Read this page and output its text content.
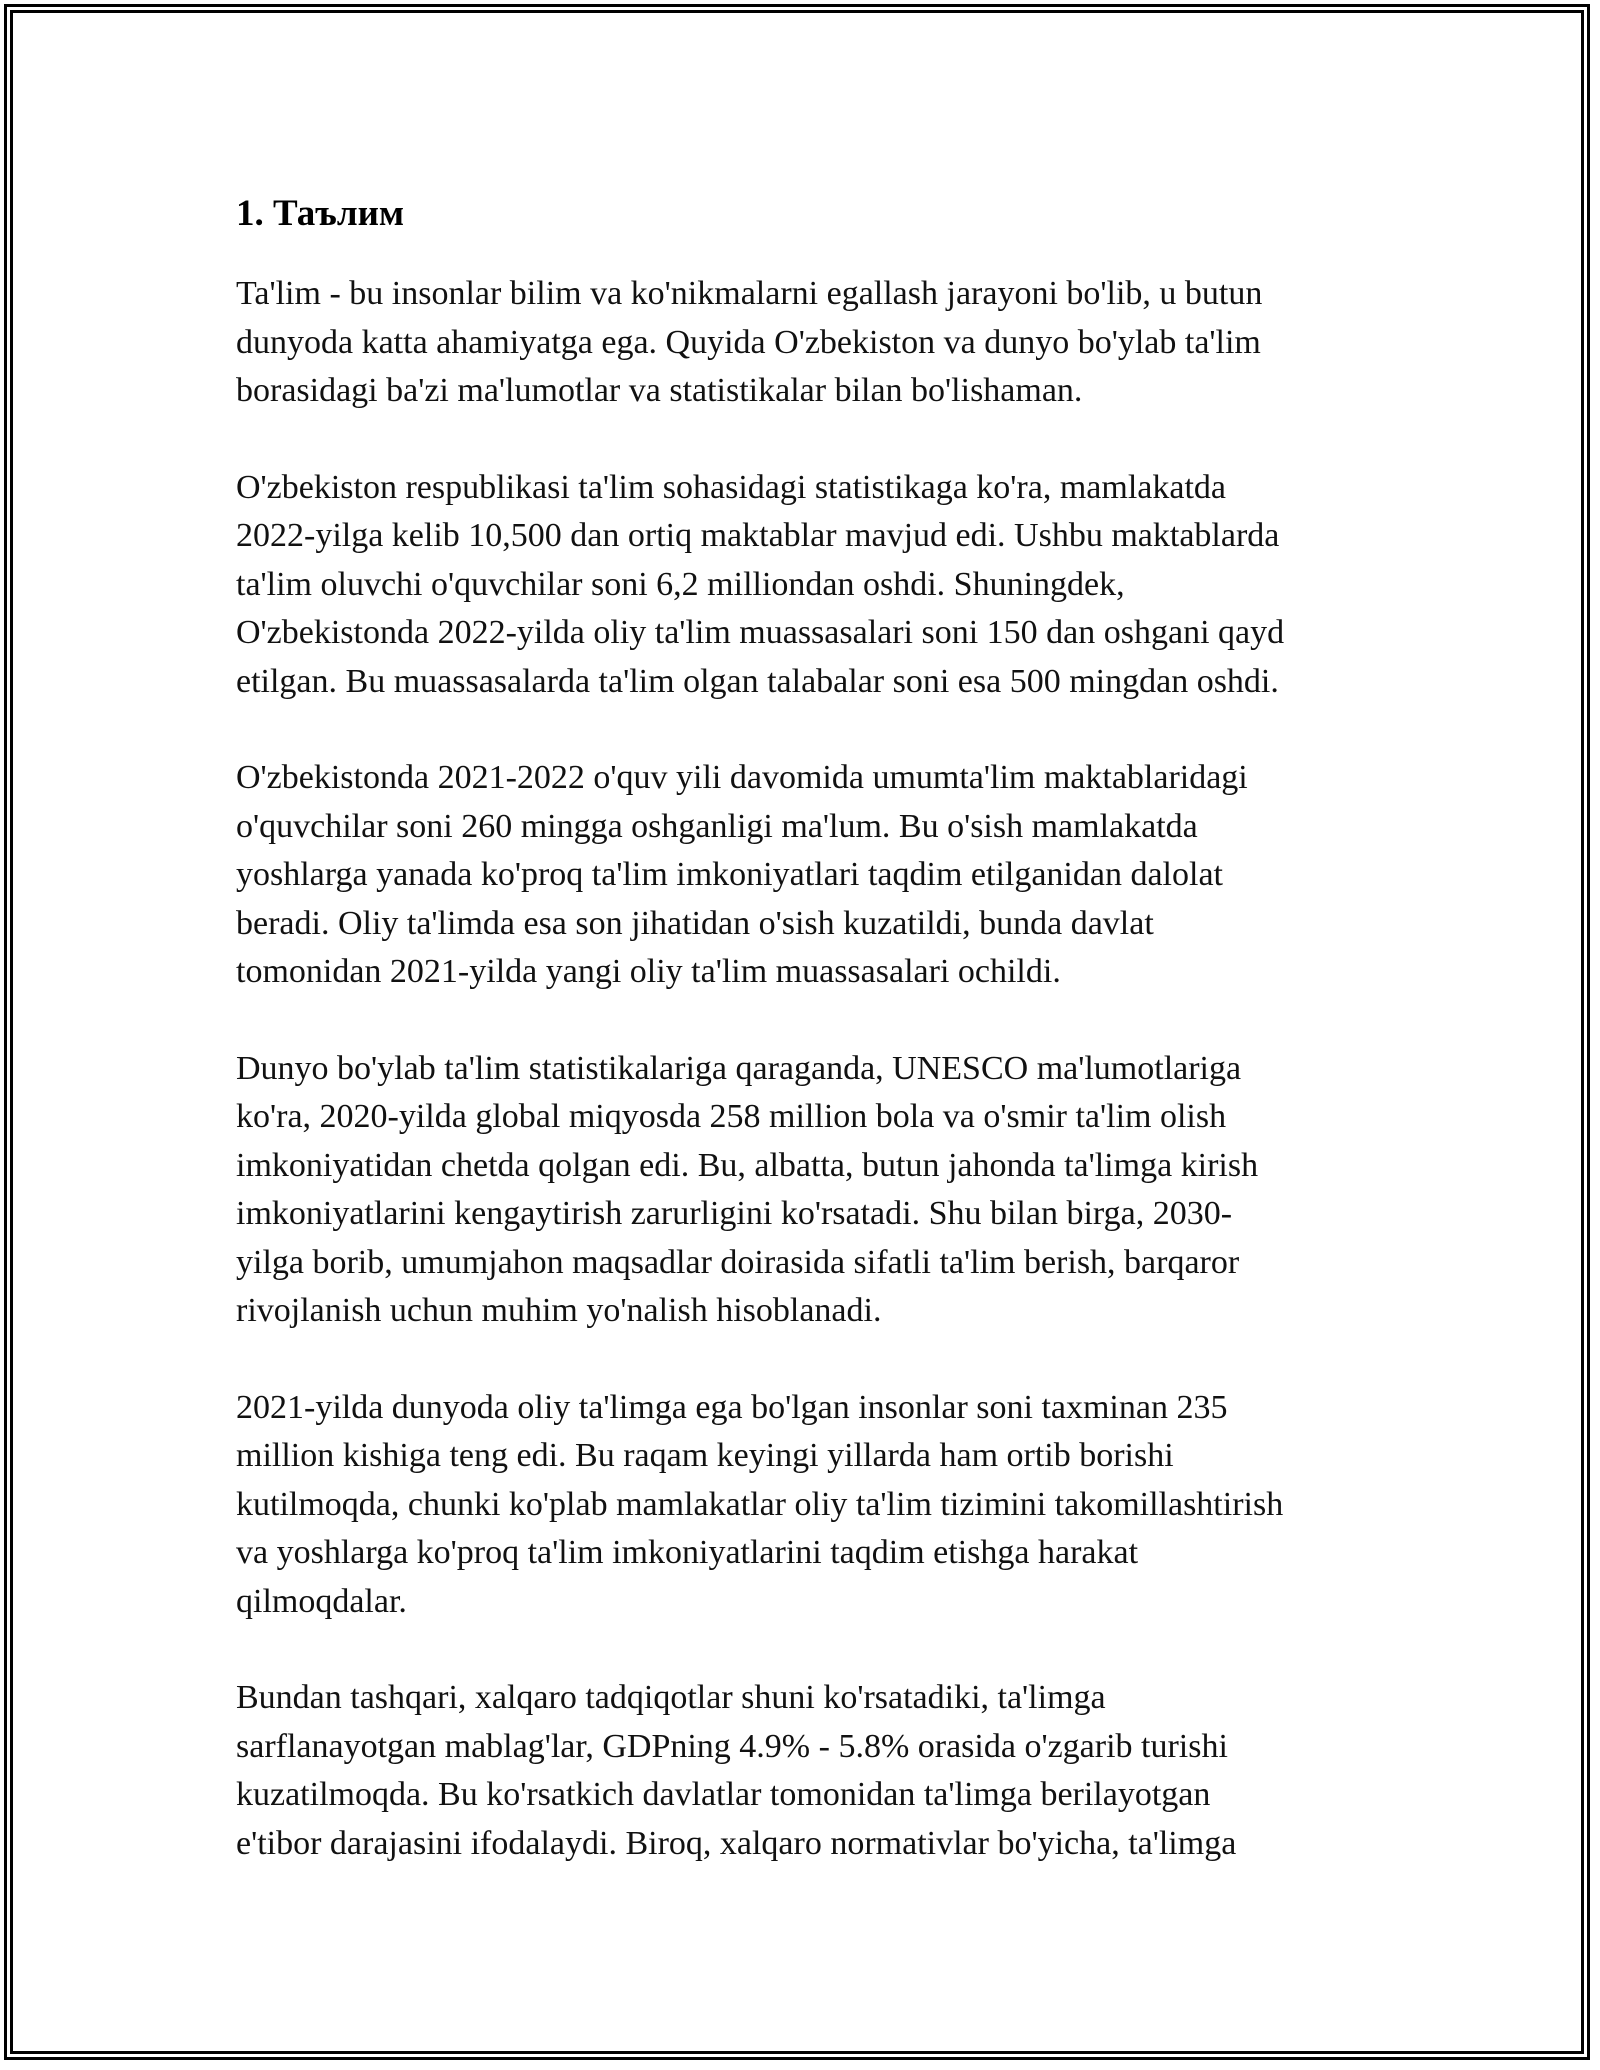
1. Таълим

Ta'lim - bu insonlar bilim va ko'nikmalarni egallash jarayoni bo'lib, u butun
dunyoda katta ahamiyatga ega. Quyida O'zbekiston va dunyo bo'ylab ta'lim
borasidagi ba'zi ma'lumotlar va statistikalar bilan bo'lishaman.

O'zbekiston respublikasi ta'lim sohasidagi statistikaga ko'ra, mamlakatda
2022-yilga kelib 10,500 dan ortiq maktablar mavjud edi. Ushbu maktablarda
ta'lim oluvchi o'quvchilar soni 6,2 milliondan oshdi. Shuningdek,
O'zbekistonda 2022-yilda oliy ta'lim muassasalari soni 150 dan oshgani qayd
etilgan. Bu muassasalarda ta'lim olgan talabalar soni esa 500 mingdan oshdi.

O'zbekistonda 2021-2022 o'quv yili davomida umumta'lim maktablaridagi
o'quvchilar soni 260 mingga oshganligi ma'lum. Bu o'sish mamlakatda
yoshlarga yanada ko'proq ta'lim imkoniyatlari taqdim etilganidan dalolat
beradi. Oliy ta'limda esa son jihatidan o'sish kuzatildi, bunda davlat
tomonidan 2021-yilda yangi oliy ta'lim muassasalari ochildi.

Dunyo bo'ylab ta'lim statistikalariga qaraganda, UNESCO ma'lumotlariga
ko'ra, 2020-yilda global miqyosda 258 million bola va o'smir ta'lim olish
imkoniyatidan chetda qolgan edi. Bu, albatta, butun jahonda ta'limga kirish
imkoniyatlarini kengaytirish zarurligini ko'rsatadi. Shu bilan birga, 2030-
yilga borib, umumjahon maqsadlar doirasida sifatli ta'lim berish, barqaror
rivojlanish uchun muhim yo'nalish hisoblanadi.

2021-yilda dunyoda oliy ta'limga ega bo'lgan insonlar soni taxminan 235
million kishiga teng edi. Bu raqam keyingi yillarda ham ortib borishi
kutilmoqda, chunki ko'plab mamlakatlar oliy ta'lim tizimini takomillashtirish
va yoshlarga ko'proq ta'lim imkoniyatlarini taqdim etishga harakat
qilmoqdalar.

Bundan tashqari, xalqaro tadqiqotlar shuni ko'rsatadiki, ta'limga
sarflanayotgan mablag'lar, GDPning 4.9% - 5.8% orasida o'zgarib turishi
kuzatilmoqda. Bu ko'rsatkich davlatlar tomonidan ta'limga berilayotgan
e'tibor darajasini ifodalaydi. Biroq, xalqaro normativlar bo'yicha, ta'limga
